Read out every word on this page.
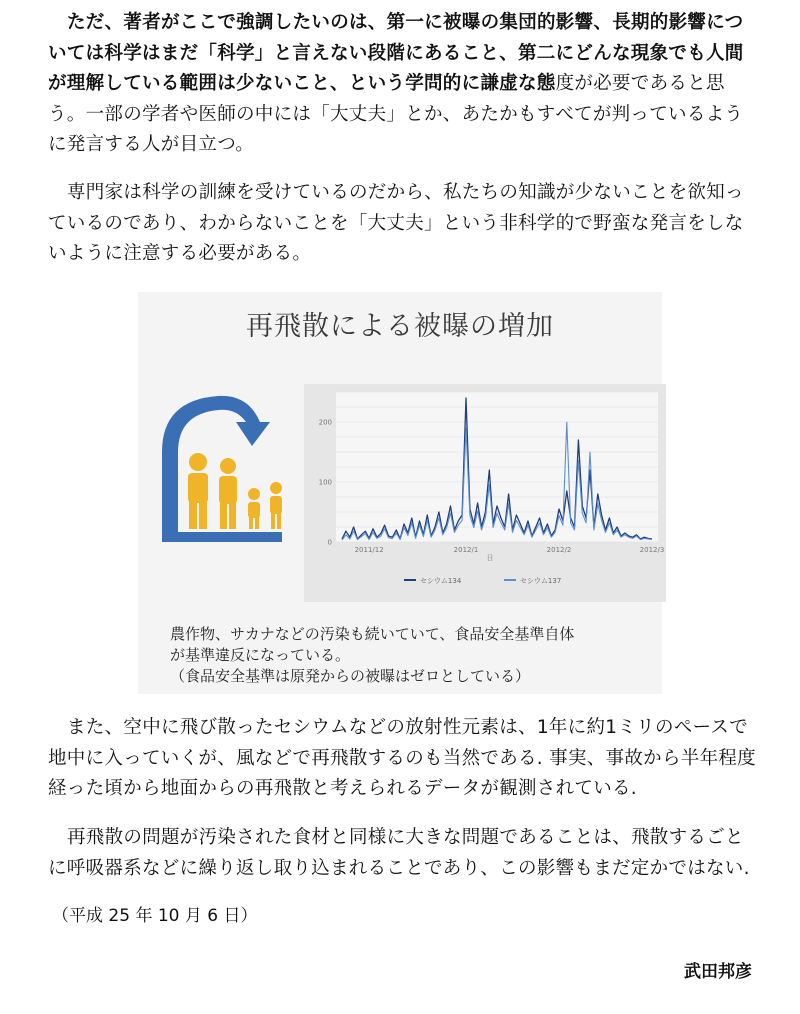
ただ、著者がここで強調したいのは、第一に被曝の集団的影響、長期的影響については科学はまだ「科学」と言えない段階にあること、第二にどんな現象でも人間が理解している範囲は少ないこと、という学問的に謙虚な態度が必要であると思う。一部の学者や医師の中には「大丈夫」とか、あたかもすべてが判っているように発言する人が目立つ。

専門家は科学の訓練を受けているのだから、私たちの知識が少ないことを欲知っているのであり、わからないことを「大丈夫」という非科学的で野蛮な発言をしないように注意する必要がある。

再飛散による被曝の増加
0
100
200
2011/12	2012/1	2012/2	2012/3
日
セシウム134	セシウム137
農作物、サカナなどの汚染も続いていて、食品安全基準自体
が基準違反になっている。
（食品安全基準は原発からの被曝はゼロとしている）

また、空中に飛び散ったセシウムなどの放射性元素は、1年に約1ミリのペースで地中に入っていくが、風などで再飛散するのも当然である. 事実、事故から半年程度経った頃から地面からの再飛散と考えられるデータが観測されている.

再飛散の問題が汚染された食材と同様に大きな問題であることは、飛散するごとに呼吸器系などに繰り返し取り込まれることであり、この影響もまだ定かではない.

（平成 25 年 10 月 6 日）
武田邦彦
